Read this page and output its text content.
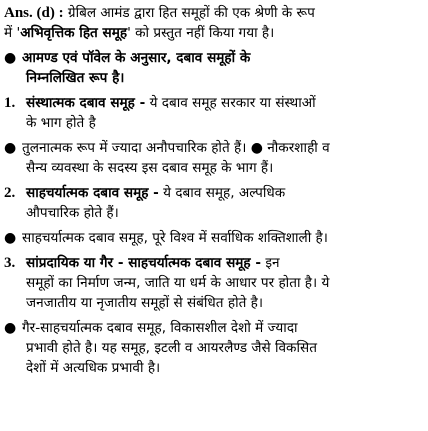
Ans. (d) : ग्रेबिल आमंड द्वारा हित समूहों की एक श्रेणी के रूप
में 'अभिवृत्तिक हित समूह' को प्रस्तुत नहीं किया गया है।
● आमण्ड एवं पॉवेल के अनुसार, दबाव समूहों के
निम्नलिखित रूप है।
1. संस्थात्मक दबाव समूह - ये दबाव समूह सरकार या संस्थाओं
के भाग होते है
● तुलनात्मक रूप में ज्यादा अनौपचारिक होते हैं। ● नौकरशाही व
सैन्य व्यवस्था के सदस्य इस दबाव समूह के भाग हैं।
2. साहचर्यात्मक दबाव समूह - ये दबाव समूह, अल्पधिक
औपचारिक होते हैं।
● साहचर्यात्मक दबाव समूह, पूरे विश्व में सर्वाधिक शक्तिशाली है।
3. सांप्रदायिक या गैर - साहचर्यात्मक दबाव समूह - इन
समूहों का निर्माण जन्म, जाति या धर्म के आधार पर होता है। ये
जनजातीय या नृजातीय समूहों से संबंधित होते है।
● गैर-साहचर्यात्मक दबाव समूह, विकासशील देशो में ज्यादा
प्रभावी होते है। यह समूह, इटली व आयरलैण्ड जैसे विकसित
देशों में अत्यधिक प्रभावी है।
